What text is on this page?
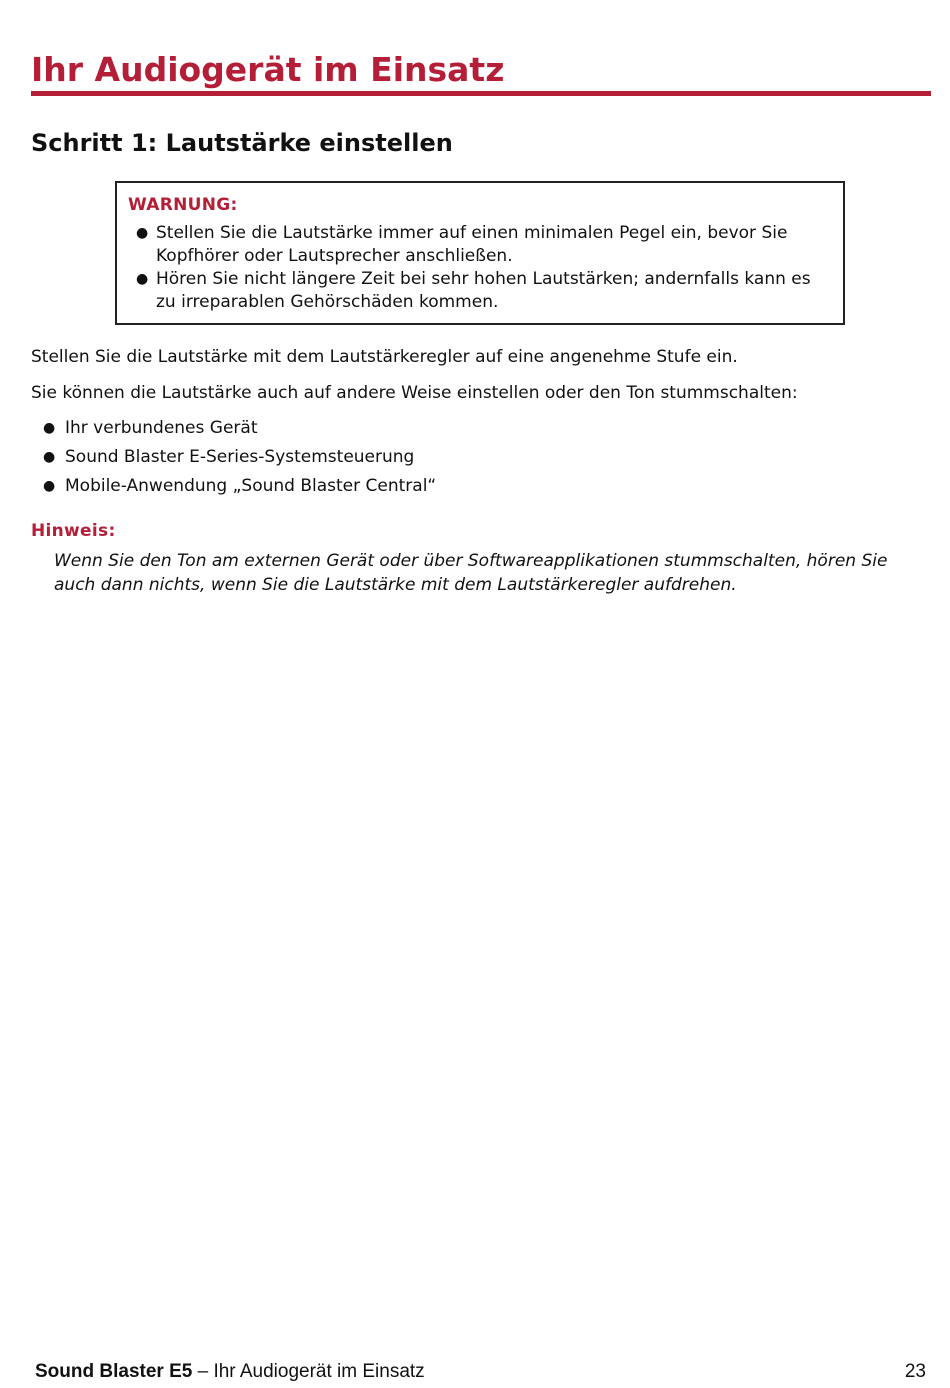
Ihr Audiogerät im Einsatz
Schritt 1: Lautstärke einstellen

WARNUNG:

● Stellen Sie die Lautstärke immer auf einen minimalen Pegel ein, bevor Sie Kopfhörer oder Lautsprecher anschließen.
● Hören Sie nicht längere Zeit bei sehr hohen Lautstärken; andernfalls kann es zu irreparablen Gehörschäden kommen.

Stellen Sie die Lautstärke mit dem Lautstärkeregler auf eine angenehme Stufe ein.

Sie können die Lautstärke auch auf andere Weise einstellen oder den Ton stummschalten:

● Ihr verbundenes Gerät
● Sound Blaster E-Series-Systemsteuerung
● Mobile-Anwendung „Sound Blaster Central“

Hinweis:

Wenn Sie den Ton am externen Gerät oder über Softwareapplikationen stummschalten, hören Sie auch dann nichts, wenn Sie die Lautstärke mit dem Lautstärkeregler aufdrehen.

Sound Blaster E5 – Ihr Audiogerät im Einsatz	23
